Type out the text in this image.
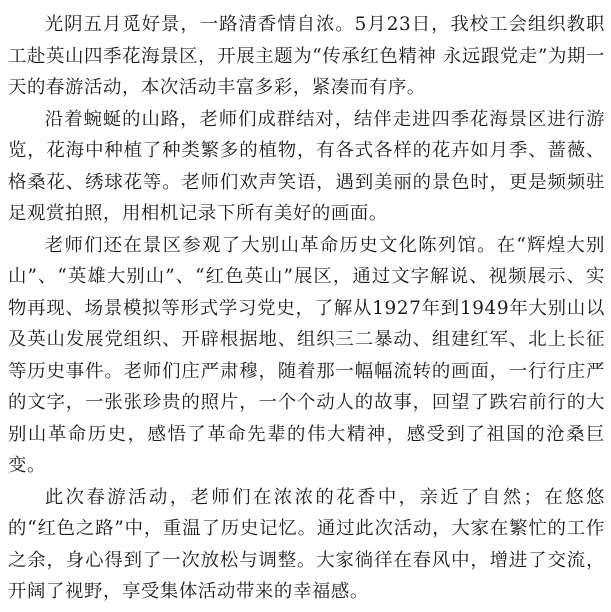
光阴五月觅好景，一路清香情自浓。5月23日，我校工会组织教职工赴英山四季花海景区，开展主题为“传承红色精神 永远跟党走”为期一天的春游活动，本次活动丰富多彩，紧凑而有序。

沿着蜿蜒的山路，老师们成群结对，结伴走进四季花海景区进行游览，花海中种植了种类繁多的植物，有各式各样的花卉如月季、蔷薇、格桑花、绣球花等。老师们欢声笑语，遇到美丽的景色时，更是频频驻足观赏拍照，用相机记录下所有美好的画面。

老师们还在景区参观了大别山革命历史文化陈列馆。在“辉煌大别山”、“英雄大别山”、“红色英山”展区，通过文字解说、视频展示、实物再现、场景模拟等形式学习党史，了解从1927年到1949年大别山以及英山发展党组织、开辟根据地、组织三二暴动、组建红军、北上长征等历史事件。老师们庄严肃穆，随着那一幅幅流转的画面，一行行庄严的文字，一张张珍贵的照片，一个个动人的故事，回望了跌宕前行的大别山革命历史，感悟了革命先辈的伟大精神，感受到了祖国的沧桑巨变。

此次春游活动，老师们在浓浓的花香中，亲近了自然；在悠悠的“红色之路”中，重温了历史记忆。通过此次活动，大家在繁忙的工作之余，身心得到了一次放松与调整。大家徜徉在春风中，增进了交流，开阔了视野，享受集体活动带来的幸福感。
